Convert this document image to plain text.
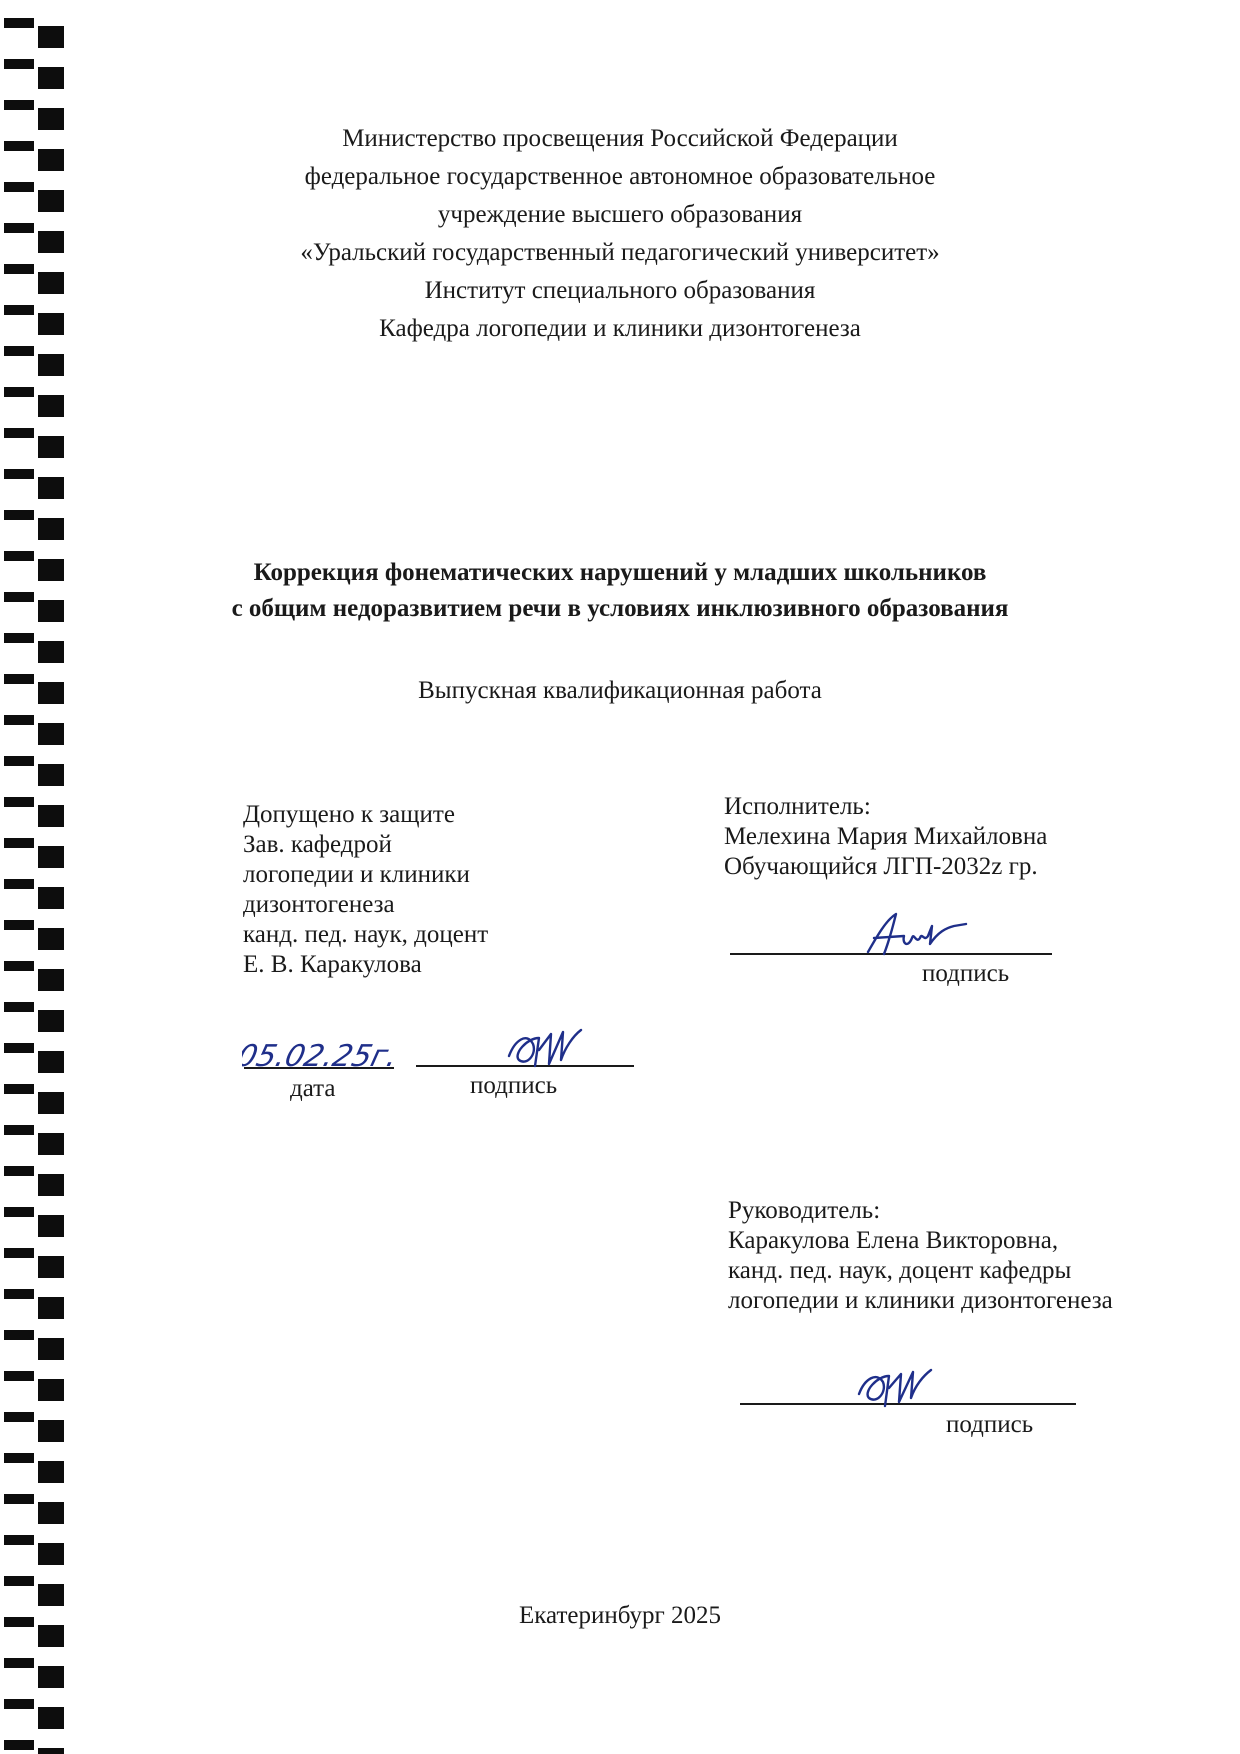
Министерство просвещения Российской Федерации
федеральное государственное автономное образовательное
учреждение высшего образования
«Уральский государственный педагогический университет»
Институт специального образования
Кафедра логопедии и клиники дизонтогенеза
Коррекция фонематических нарушений у младших школьников
с общим недоразвитием речи в условиях инклюзивного образования
Выпускная квалификационная работа
Допущено к защите
Зав. кафедрой
логопедии и клиники
дизонтогенеза
канд. пед. наук, доцент
Е. В. Каракулова
05.02.25г.
дата	подпись
Исполнитель:
Мелехина Мария Михайловна
Обучающийся ЛГП-2032z гр.
подпись
Руководитель:
Каракулова Елена Викторовна,
канд. пед. наук, доцент кафедры
логопедии и клиники дизонтогенеза
подпись
Екатеринбург 2025
